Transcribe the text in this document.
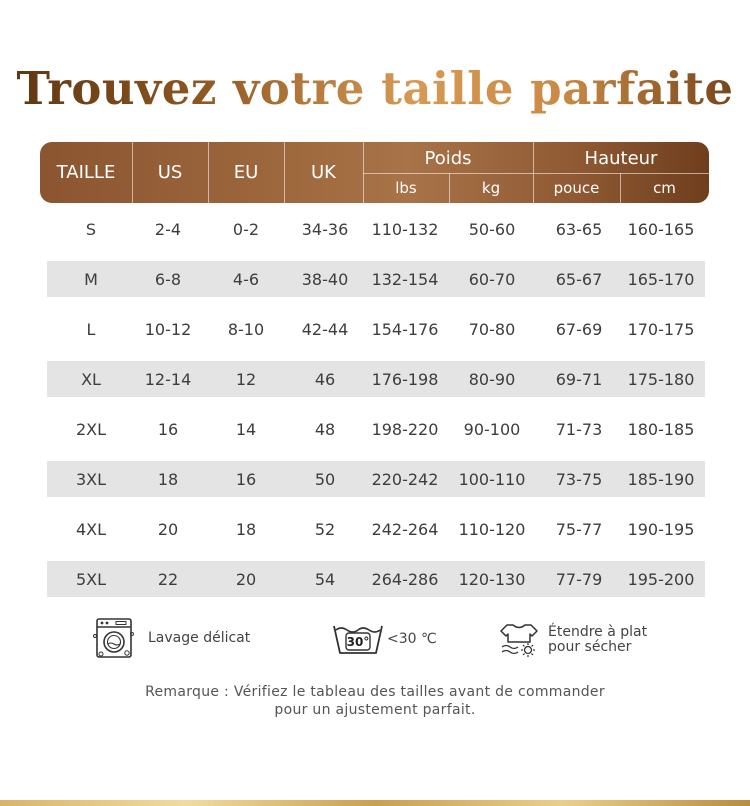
Trouvez votre taille parfaite
TAILLE	US	EU	UK
Poids
lbs	kg
Hauteur
pouce	cm
S	2-4	0-2	34-36	110-132	50-60	63-65	160-165
M	6-8	4-6	38-40	132-154	60-70	65-67	165-170
L	10-12	8-10	42-44	154-176	70-80	67-69	170-175
XL	12-14	12	46	176-198	80-90	69-71	175-180
2XL	16	14	48	198-220	90-100	71-73	180-185
3XL	18	16	50	220-242	100-110	73-75	185-190
4XL	20	18	52	242-264	110-120	75-77	190-195
5XL	22	20	54	264-286	120-130	77-79	195-200
Lavage délicat	30° <30 ℃	Étendre à plat
pour sécher
Remarque : Vérifiez le tableau des tailles avant de commander
pour un ajustement parfait.
